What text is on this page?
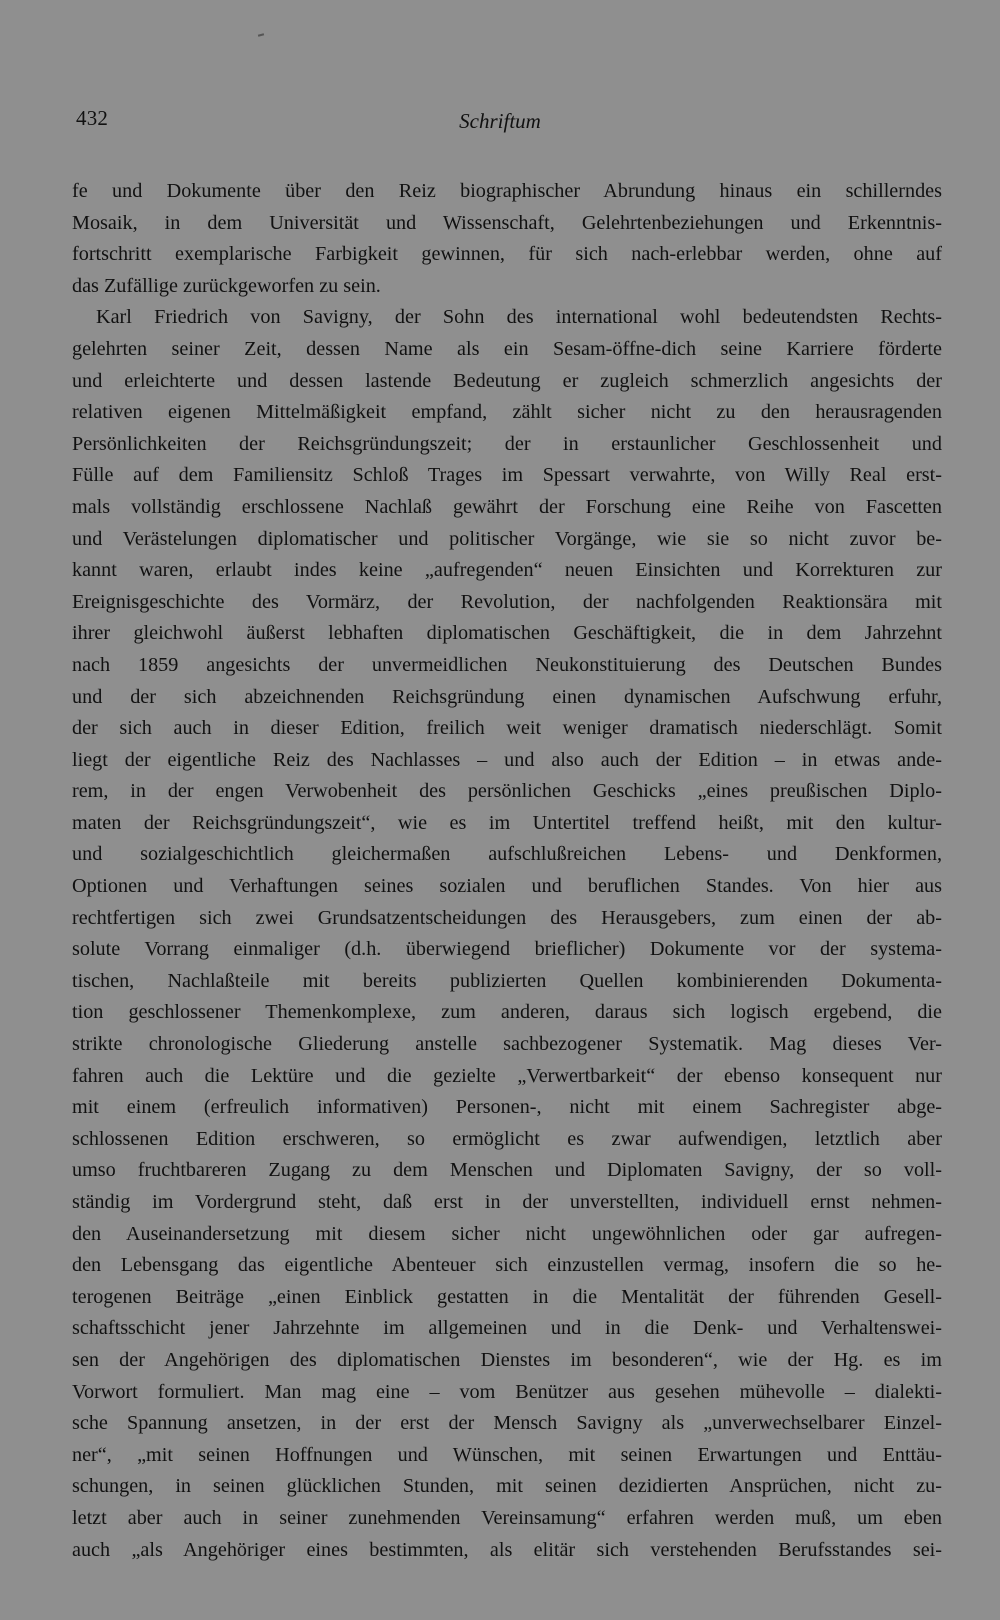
432	Schriftum

fe und Dokumente über den Reiz biographischer Abrundung hinaus ein schillerndes
Mosaik, in dem Universität und Wissenschaft, Gelehrtenbeziehungen und Erkenntnis-
fortschritt exemplarische Farbigkeit gewinnen, für sich nach-erlebbar werden, ohne auf
das Zufällige zurückgeworfen zu sein.

Karl Friedrich von Savigny, der Sohn des international wohl bedeutendsten Rechts-
gelehrten seiner Zeit, dessen Name als ein Sesam-öffne-dich seine Karriere förderte
und erleichterte und dessen lastende Bedeutung er zugleich schmerzlich angesichts der
relativen eigenen Mittelmäßigkeit empfand, zählt sicher nicht zu den herausragenden
Persönlichkeiten der Reichsgründungszeit; der in erstaunlicher Geschlossenheit und
Fülle auf dem Familiensitz Schloß Trages im Spessart verwahrte, von Willy Real erst-
mals vollständig erschlossene Nachlaß gewährt der Forschung eine Reihe von Fascetten
und Verästelungen diplomatischer und politischer Vorgänge, wie sie so nicht zuvor be-
kannt waren, erlaubt indes keine „aufregenden“ neuen Einsichten und Korrekturen zur
Ereignisgeschichte des Vormärz, der Revolution, der nachfolgenden Reaktionsära mit
ihrer gleichwohl äußerst lebhaften diplomatischen Geschäftigkeit, die in dem Jahrzehnt
nach 1859 angesichts der unvermeidlichen Neukonstituierung des Deutschen Bundes
und der sich abzeichnenden Reichsgründung einen dynamischen Aufschwung erfuhr,
der sich auch in dieser Edition, freilich weit weniger dramatisch niederschlägt. Somit
liegt der eigentliche Reiz des Nachlasses – und also auch der Edition – in etwas ande-
rem, in der engen Verwobenheit des persönlichen Geschicks „eines preußischen Diplo-
maten der Reichsgründungszeit“, wie es im Untertitel treffend heißt, mit den kultur-
und sozialgeschichtlich gleichermaßen aufschlußreichen Lebens- und Denkformen,
Optionen und Verhaftungen seines sozialen und beruflichen Standes. Von hier aus
rechtfertigen sich zwei Grundsatzentscheidungen des Herausgebers, zum einen der ab-
solute Vorrang einmaliger (d.h. überwiegend brieflicher) Dokumente vor der systema-
tischen, Nachlaßteile mit bereits publizierten Quellen kombinierenden Dokumenta-
tion geschlossener Themenkomplexe, zum anderen, daraus sich logisch ergebend, die
strikte chronologische Gliederung anstelle sachbezogener Systematik. Mag dieses Ver-
fahren auch die Lektüre und die gezielte „Verwertbarkeit“ der ebenso konsequent nur
mit einem (erfreulich informativen) Personen-, nicht mit einem Sachregister abge-
schlossenen Edition erschweren, so ermöglicht es zwar aufwendigen, letztlich aber
umso fruchtbareren Zugang zu dem Menschen und Diplomaten Savigny, der so voll-
ständig im Vordergrund steht, daß erst in der unverstellten, individuell ernst nehmen-
den Auseinandersetzung mit diesem sicher nicht ungewöhnlichen oder gar aufregen-
den Lebensgang das eigentliche Abenteuer sich einzustellen vermag, insofern die so he-
terogenen Beiträge „einen Einblick gestatten in die Mentalität der führenden Gesell-
schaftsschicht jener Jahrzehnte im allgemeinen und in die Denk- und Verhaltenswei-
sen der Angehörigen des diplomatischen Dienstes im besonderen“, wie der Hg. es im
Vorwort formuliert. Man mag eine – vom Benützer aus gesehen mühevolle – dialekti-
sche Spannung ansetzen, in der erst der Mensch Savigny als „unverwechselbarer Einzel-
ner“, „mit seinen Hoffnungen und Wünschen, mit seinen Erwartungen und Enttäu-
schungen, in seinen glücklichen Stunden, mit seinen dezidierten Ansprüchen, nicht zu-
letzt aber auch in seiner zunehmenden Vereinsamung“ erfahren werden muß, um eben
auch „als Angehöriger eines bestimmten, als elitär sich verstehenden Berufsstandes sei-
